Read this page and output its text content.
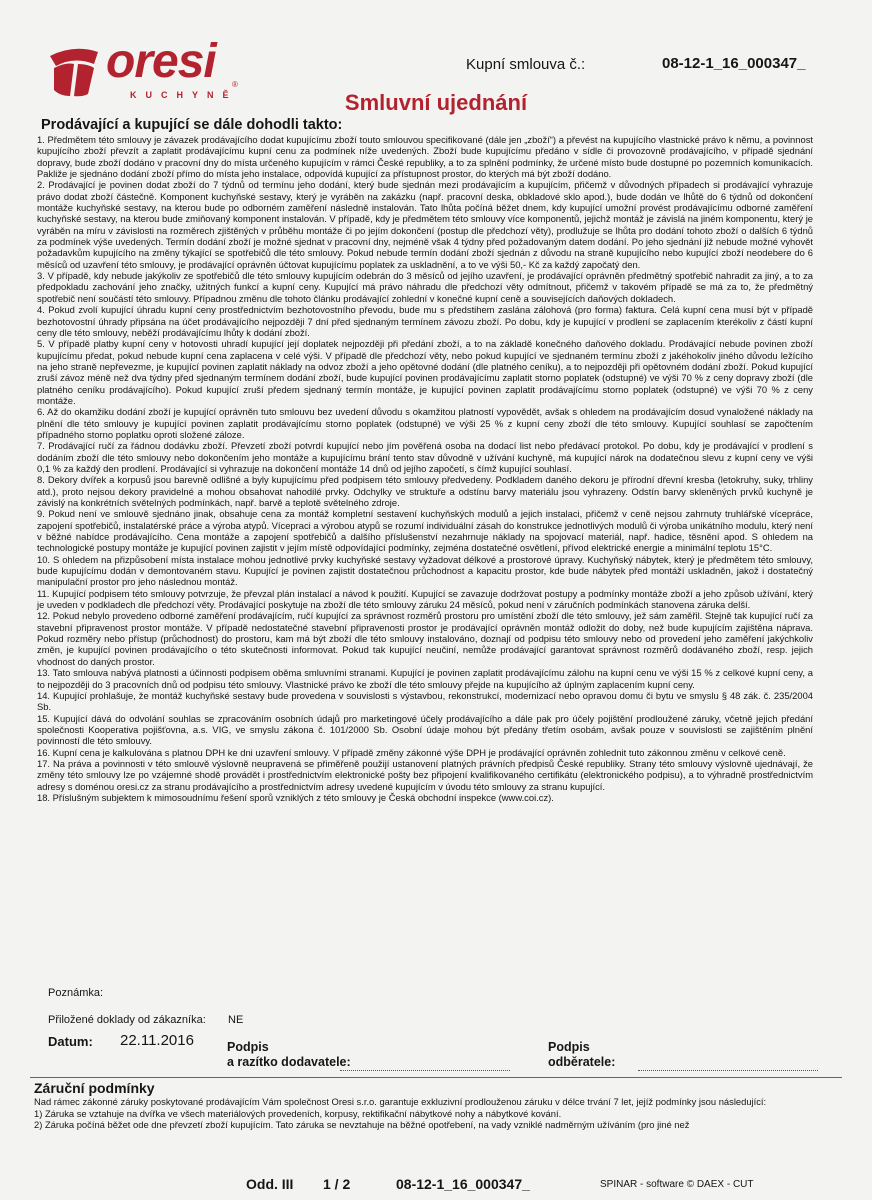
oresi ®
KUCHYNĚ
Kupní smlouva č.:	08-12-1_16_000347_
Smluvní ujednání
Prodávající a kupující se dále dohodli takto:

1. Předmětem této smlouvy je závazek prodávajícího dodat kupujícímu zboží touto smlouvou specifikované (dále jen „zboží“) a převést na kupujícího vlastnické právo k němu, a povinnost kupujícího zboží převzít a zaplatit prodávajícímu kupní cenu za podmínek níže uvedených. Zboží bude kupujícímu předáno v sídle či provozovně prodávajícího, v případě sjednání dopravy, bude zboží dodáno v pracovní dny do místa určeného kupujícím v rámci České republiky, a to za splnění podmínky, že určené místo bude dostupné po pozemních komunikacích. Pakliže je sjednáno dodání zboží přímo do místa jeho instalace, odpovídá kupující za přístupnost prostor, do kterých má být zboží dodáno.

2. Prodávající je povinen dodat zboží do 7 týdnů od termínu jeho dodání, který bude sjednán mezi prodávajícím a kupujícím, přičemž v důvodných případech si prodávající vyhrazuje právo dodat zboží částečně. Komponent kuchyňské sestavy, který je vyráběn na zakázku (např. pracovní deska, obkladové sklo apod.), bude dodán ve lhůtě do 6 týdnů od dokončení montáže kuchyňské sestavy, na kterou bude po odborném zaměření následně instalován. Tato lhůta počíná běžet dnem, kdy kupující umožní provést prodávajícímu odborné zaměření kuchyňské sestavy, na kterou bude zmiňovaný komponent instalován. V případě, kdy je předmětem této smlouvy více komponentů, jejichž montáž je závislá na jiném komponentu, který je vyráběn na míru v závislosti na rozměrech zjištěných v průběhu montáže či po jejím dokončení (postup dle předchozí věty), prodlužuje se lhůta pro dodání tohoto zboží o dalších 6 týdnů za podmínek výše uvedených. Termín dodání zboží je možné sjednat v pracovní dny, nejméně však 4 týdny před požadovaným datem dodání. Po jeho sjednání již nebude možné vyhovět požadavkům kupujícího na změny týkající se spotřebičů dle této smlouvy. Pokud nebude termín dodání zboží sjednán z důvodu na straně kupujícího nebo kupující zboží neodebere do 6 měsíců od uzavření této smlouvy, je prodávající oprávněn účtovat kupujícímu poplatek za uskladnění, a to ve výši 50,- Kč za každý započatý den.

3. V případě, kdy nebude jakýkoliv ze spotřebičů dle této smlouvy kupujícím odebrán do 3 měsíců od jejího uzavření, je prodávající oprávněn předmětný spotřebič nahradit za jiný, a to za předpokladu zachování jeho značky, užitných funkcí a kupní ceny. Kupující má právo náhradu dle předchozí věty odmítnout, přičemž v takovém případě se má za to, že předmětný spotřebič není součástí této smlouvy. Případnou změnu dle tohoto článku prodávající zohlední v konečné kupní ceně a souvisejících daňových dokladech.

4. Pokud zvolí kupující úhradu kupní ceny prostřednictvím bezhotovostního převodu, bude mu s předstihem zaslána zálohová (pro forma) faktura. Celá kupní cena musí být v případě bezhotovostní úhrady připsána na účet prodávajícího nejpozději 7 dní před sjednaným termínem závozu zboží. Po dobu, kdy je kupující v prodlení se zaplacením kterékoliv z částí kupní ceny dle této smlouvy, neběží prodávajícímu lhůty k dodání zboží.

5. V případě platby kupní ceny v hotovosti uhradí kupující její doplatek nejpozději při předání zboží, a to na základě konečného daňového dokladu. Prodávající nebude povinen zboží kupujícímu předat, pokud nebude kupní cena zaplacena v celé výši. V případě dle předchozí věty, nebo pokud kupující ve sjednaném termínu zboží z jakéhokoliv jiného důvodu ležícího na jeho straně nepřevezme, je kupující povinen zaplatit náklady na odvoz zboží a jeho opětovné dodání (dle platného ceníku), a to nejpozději při opětovném dodání zboží. Pokud kupující zruší závoz méně než dva týdny před sjednaným termínem dodání zboží, bude kupující povinen prodávajícímu zaplatit storno poplatek (odstupné) ve výši 70 % z ceny dopravy zboží (dle platného ceníku prodávajícího). Pokud kupující zruší předem sjednaný termín montáže, je kupující povinen zaplatit prodávajícímu storno poplatek (odstupné) ve výši 70 % z ceny montáže.

6. Až do okamžiku dodání zboží je kupující oprávněn tuto smlouvu bez uvedení důvodu s okamžitou platností vypovědět, avšak s ohledem na prodávajícím dosud vynaložené náklady na plnění dle této smlouvy je kupující povinen zaplatit prodávajícímu storno poplatek (odstupné) ve výši 25 % z kupní ceny zboží dle této smlouvy. Kupující souhlasí se započtením případného storno poplatku oproti složené záloze.

7. Prodávající ručí za řádnou dodávku zboží. Převzetí zboží potvrdí kupující nebo jím pověřená osoba na dodací list nebo předávací protokol. Po dobu, kdy je prodávající v prodlení s dodáním zboží dle této smlouvy nebo dokončením jeho montáže a kupujícímu brání tento stav důvodně v užívání kuchyně, má kupující nárok na dodatečnou slevu z kupní ceny ve výši 0,1 % za každý den prodlení. Prodávající si vyhrazuje na dokončení montáže 14 dnů od jejího započetí, s čímž kupující souhlasí.

8. Dekory dvířek a korpusů jsou barevně odlišné a byly kupujícímu před podpisem této smlouvy předvedeny. Podkladem daného dekoru je přírodní dřevní kresba (letokruhy, suky, trhliny atd.), proto nejsou dekory pravidelné a mohou obsahovat nahodilé prvky. Odchylky ve struktuře a odstínu barvy materiálu jsou vyhrazeny. Odstín barvy skleněných prvků kuchyně je závislý na konkrétních světelných podmínkách, např. barvě a teplotě světelného zdroje.

9. Pokud není ve smlouvě sjednáno jinak, obsahuje cena za montáž kompletní sestavení kuchyňských modulů a jejich instalaci, přičemž v ceně nejsou zahrnuty truhlářské vícepráce, zapojení spotřebičů, instalatérské práce a výroba atypů. Vícepraci a výrobou atypů se rozumí individuální zásah do konstrukce jednotlivých modulů či výroba unikátního modulu, který není v běžné nabídce prodávajícího. Cena montáže a zapojení spotřebičů a dalšího příslušenství nezahrnuje náklady na spojovací materiál, např. hadice, těsnění apod. S ohledem na technologické postupy montáže je kupující povinen zajistit v jejím místě odpovídající podmínky, zejména dostatečné osvětlení, přívod elektrické energie a minimální teplotu 15°C.

10. S ohledem na přizpůsobení místa instalace mohou jednotlivé prvky kuchyňské sestavy vyžadovat délkové a prostorové úpravy. Kuchyňský nábytek, který je předmětem této smlouvy, bude kupujícímu dodán v demontovaném stavu. Kupující je povinen zajistit dostatečnou průchodnost a kapacitu prostor, kde bude nábytek před montáží uskladněn, jakož i dostatečný manipulační prostor pro jeho následnou montáž.

11. Kupující podpisem této smlouvy potvrzuje, že převzal plán instalací a návod k použití. Kupující se zavazuje dodržovat postupy a podmínky montáže zboží a jeho způsob užívání, který je uveden v podkladech dle předchozí věty. Prodávající poskytuje na zboží dle této smlouvy záruku 24 měsíců, pokud není v záručních podmínkách stanovena záruka delší.

12. Pokud nebylo provedeno odborné zaměření prodávajícím, ručí kupující za správnost rozměrů prostoru pro umístění zboží dle této smlouvy, jež sám zaměřil. Stejně tak kupující ručí za stavební připravenost prostor montáže. V případě nedostatečné stavební připravenosti prostor je prodávající oprávněn montáž odložit do doby, než bude kupujícím zajištěna náprava. Pokud rozměry nebo přístup (průchodnost) do prostoru, kam má být zboží dle této smlouvy instalováno, doznají od podpisu této smlouvy nebo od provedení jeho zaměření jakýchkoliv změn, je kupující povinen prodávajícího o této skutečnosti informovat. Pokud tak kupující neučiní, nemůže prodávající garantovat správnost rozměrů dodávaného zboží, resp. jejich vhodnost do daných prostor.

13. Tato smlouva nabývá platnosti a účinnosti podpisem oběma smluvními stranami. Kupující je povinen zaplatit prodávajícímu zálohu na kupní cenu ve výši 15 % z celkové kupní ceny, a to nejpozději do 3 pracovních dnů od podpisu této smlouvy. Vlastnické právo ke zboží dle této smlouvy přejde na kupujícího až úplným zaplacením kupní ceny.

14. Kupující prohlašuje, že montáž kuchyňské sestavy bude provedena v souvislosti s výstavbou, rekonstrukcí, modernizací nebo opravou domu či bytu ve smyslu § 48 zák. č. 235/2004 Sb.

15. Kupující dává do odvolání souhlas se zpracováním osobních údajů pro marketingové účely prodávajícího a dále pak pro účely pojištění prodloužené záruky, včetně jejich předání společnosti Kooperativa pojišťovna, a.s. VIG, ve smyslu zákona č. 101/2000 Sb. Osobní údaje mohou být předány třetím osobám, avšak pouze v souvislosti se zajištěním plnění povinností dle této smlouvy.

16. Kupní cena je kalkulována s platnou DPH ke dni uzavření smlouvy. V případě změny zákonné výše DPH je prodávající oprávněn zohlednit tuto zákonnou změnu v celkové ceně.

17. Na práva a povinnosti v této smlouvě výslovně neupravená se přiměřeně použijí ustanovení platných právních předpisů České republiky. Strany této smlouvy výslovně ujednávají, že změny této smlouvy lze po vzájemné shodě provádět i prostřednictvím elektronické pošty bez připojení kvalifikovaného certifikátu (elektronického podpisu), a to výhradně prostřednictvím adresy s doménou oresi.cz za stranu prodávajícího a prostřednictvím adresy uvedené kupujícím v úvodu této smlouvy za stranu kupující.

18. Příslušným subjektem k mimosoudnímu řešení sporů vzniklých z této smlouvy je Česká obchodní inspekce (www.coi.cz).

Poznámka:
Přiložené doklady od zákazníka: NE
Datum: 22.11.2016	Podpis
a razítko dodavatele:
Podpis
odběratele:
Záruční podmínky

Nad rámec zákonné záruky poskytované prodávajícím Vám společnost Oresi s.r.o. garantuje exkluzivní prodlouženou záruku v délce trvání 7 let, jejíž podmínky jsou následující:

1) Záruka se vztahuje na dvířka ve všech materiálových provedeních, korpusy, rektifikační nábytkové nohy a nábytkové kování.

2) Záruka počíná běžet ode dne převzetí zboží kupujícím. Tato záruka se nevztahuje na běžné opotřebení, na vady vzniklé nadměrným užíváním (pro jiné než

Odd. III 1 / 2	08-12-1_16_000347_	SPINAR - software © DAEX - CUT
